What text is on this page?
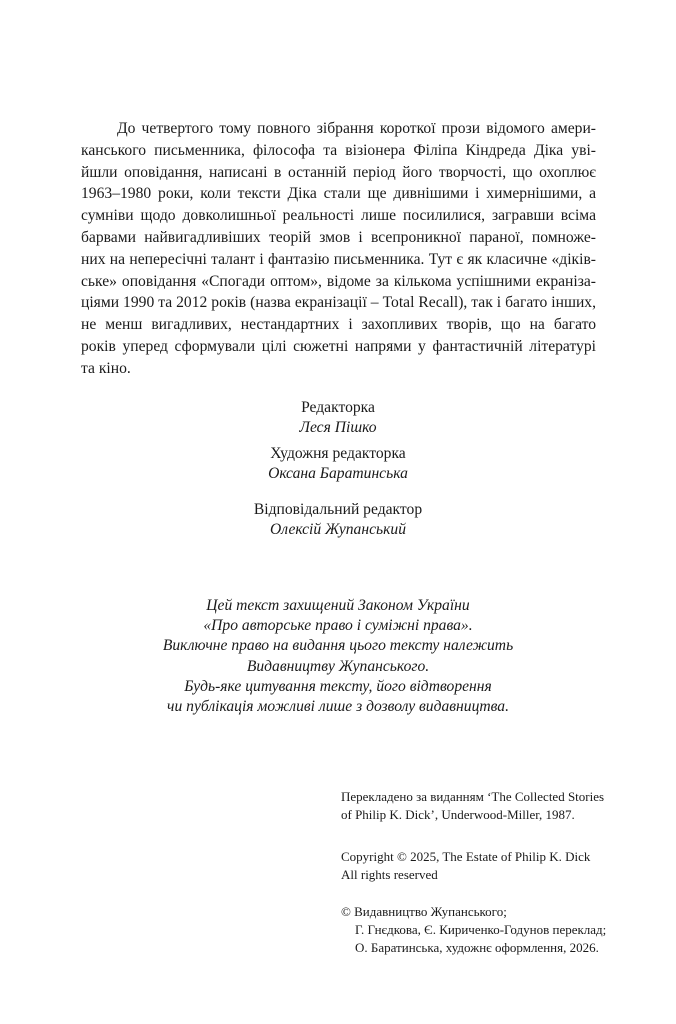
До четвертого тому повного зібрання короткої прози відомого амери-
канського письменника, філософа та візіонера Філіпа Кіндреда Діка уві-
йшли оповідання, написані в останній період його творчості, що охоплює
1963–1980 роки, коли тексти Діка стали ще дивнішими і химернішими, а
сумніви щодо довколишньої реальності лише посилилися, загравши всіма
барвами найвигадливіших теорій змов і всепроникної параної, помноже-
них на непересічні талант і фантазію письменника. Тут є як класичне «діків-
ське» оповідання «Спогади оптом», відоме за кількома успішними екраніза-
ціями 1990 та 2012 років (назва екранізації – Total Recall), так і багато інших,
не менш вигадливих, нестандартних і захопливих творів, що на багато
років уперед сформували цілі сюжетні напрями у фантастичній літературі
та кіно.

Редакторка
Леся Пішко
Художня редакторка
Оксана Баратинська
Відповідальний редактор
Олексій Жупанський
Цей текст захищений Законом України
«Про авторське право і суміжні права».
Виключне право на видання цього тексту належить
Видавництву Жупанського.
Будь-яке цитування тексту, його відтворення
чи публікація можливі лише з дозволу видавництва.
Перекладено за виданням ‘The Collected Stories
of Philip K. Dick’, Underwood-Miller, 1987.
Copyright © 2025, The Estate of Philip K. Dick
All rights reserved
© Видавництво Жупанського;
Г. Гнєдкова, Є. Кириченко-Годунов переклад;
О. Баратинська, художнє оформлення, 2026.
